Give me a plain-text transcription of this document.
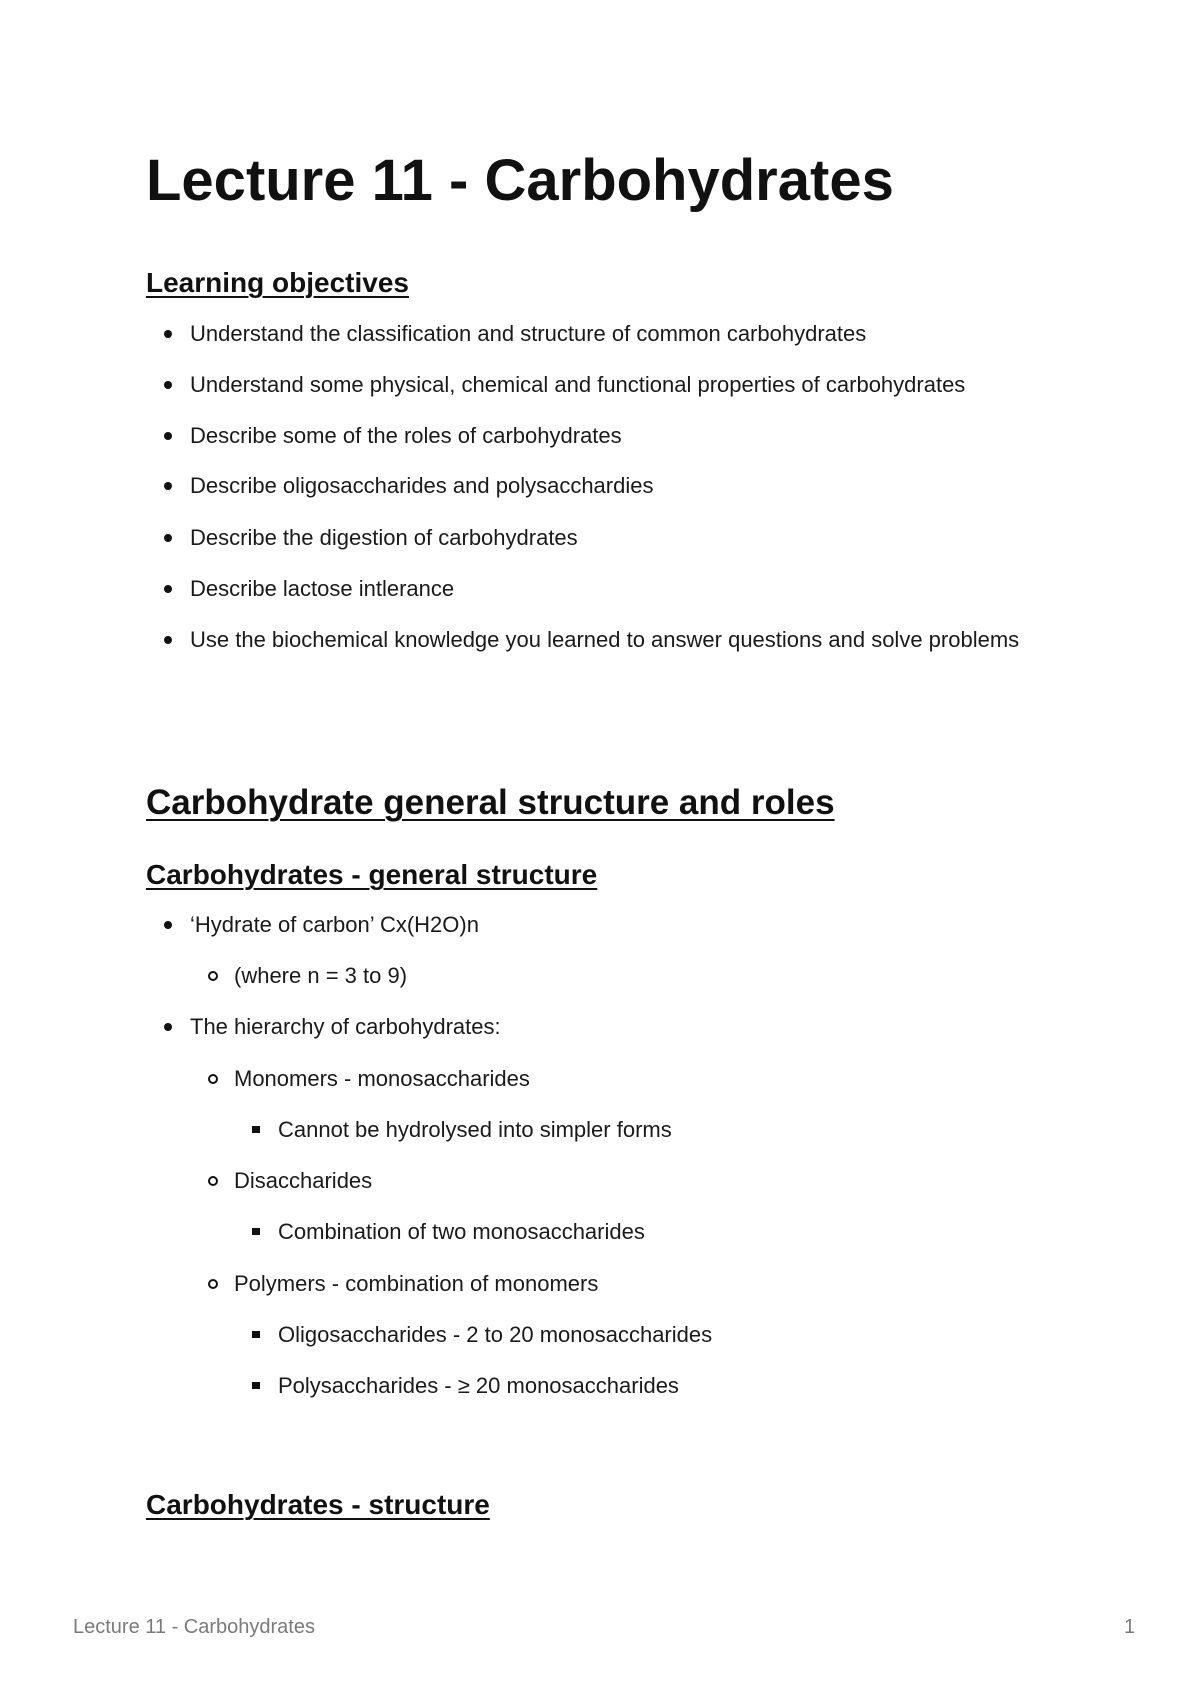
Lecture 11 - Carbohydrates
Learning objectives
Understand the classification and structure of common carbohydrates
Understand some physical, chemical and functional properties of carbohydrates
Describe some of the roles of carbohydrates
Describe oligosaccharides and polysacchardies
Describe the digestion of carbohydrates
Describe lactose intlerance
Use the biochemical knowledge you learned to answer questions and solve problems
Carbohydrate general structure and roles
Carbohydrates - general structure
‘Hydrate of carbon’ Cx(H2O)n
(where n = 3 to 9)
The hierarchy of carbohydrates:
Monomers - monosaccharides
Cannot be hydrolysed into simpler forms
Disaccharides
Combination of two monosaccharides
Polymers - combination of monomers
Oligosaccharides - 2 to 20 monosaccharides
Polysaccharides - ≥ 20 monosaccharides
Carbohydrates - structure
Lecture 11 - Carbohydrates	1
